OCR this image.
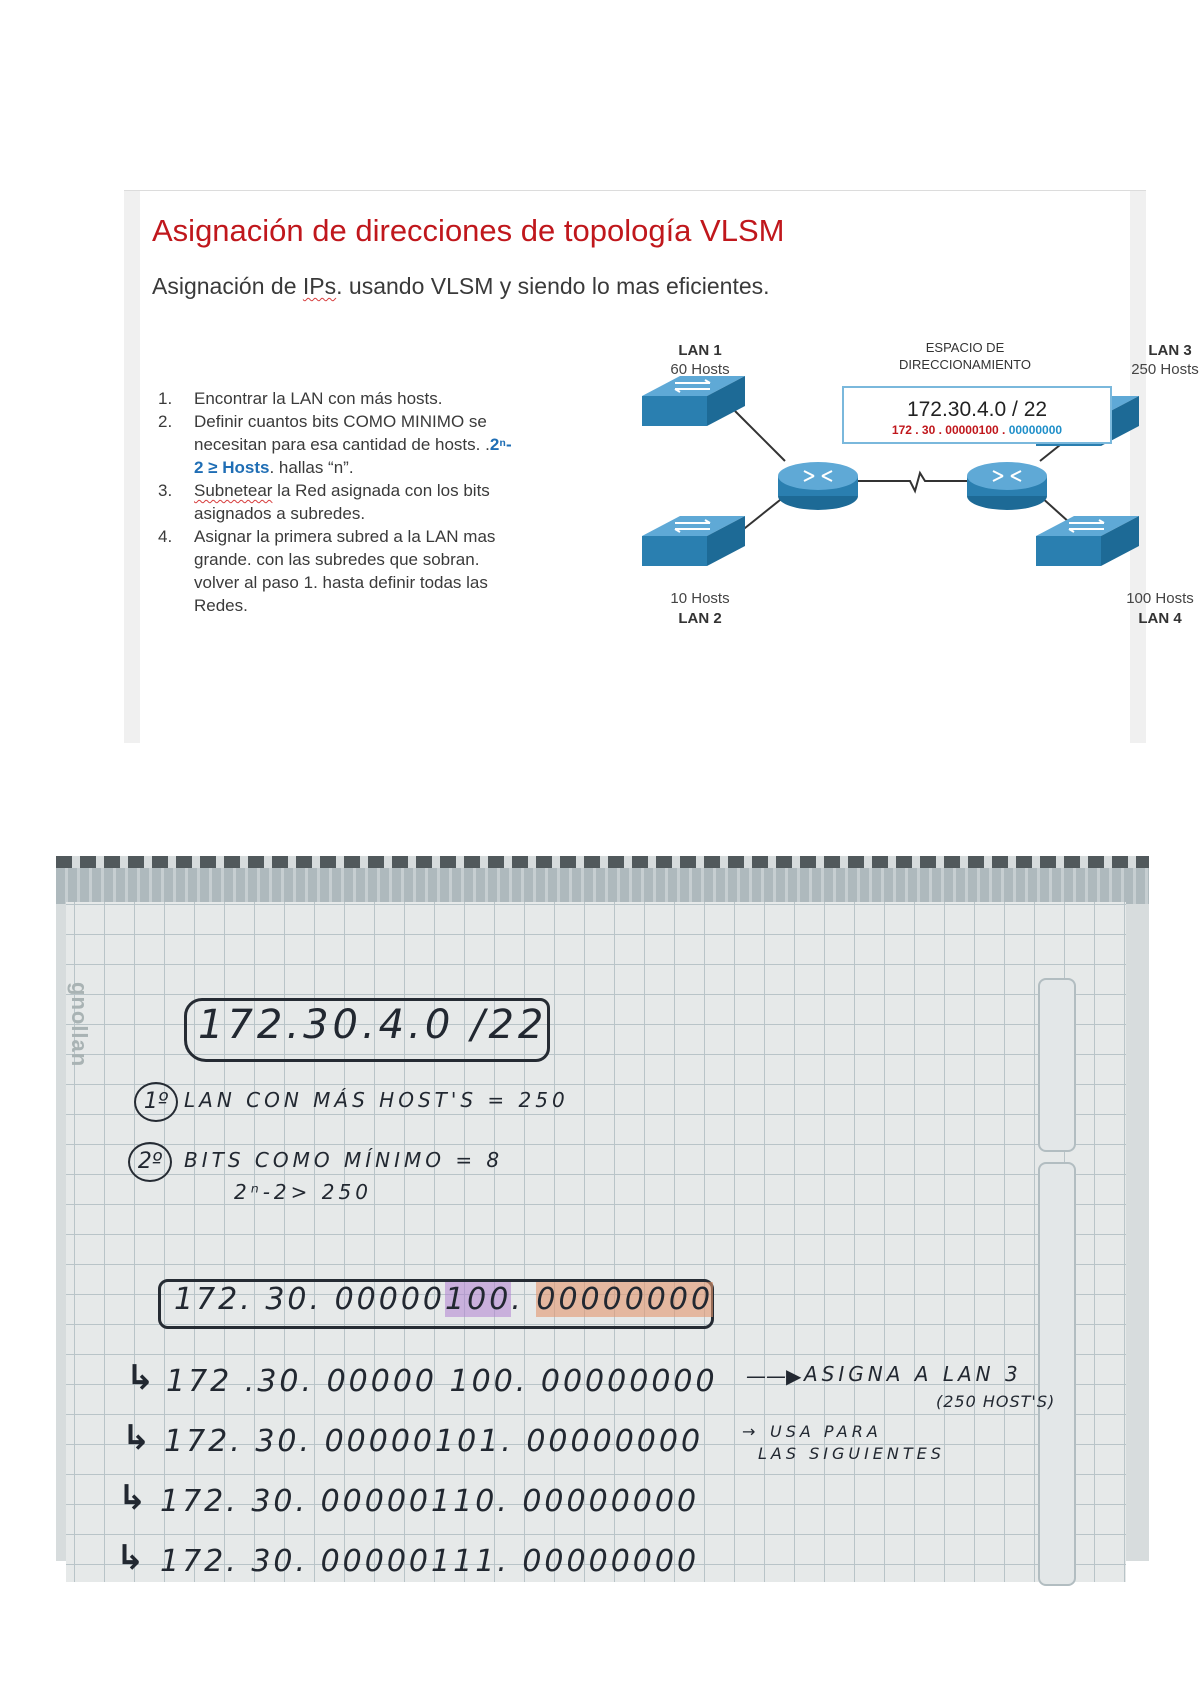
Asignación de direcciones de topología VLSM

Asignación de IPs. usando VLSM y siendo lo mas eficientes.

1. Encontrar la LAN con más hosts.
2. Definir cuantos bits COMO MINIMO se necesitan para esa cantidad de hosts. .2ⁿ- 2 ≥ Hosts. hallas “n”.
3. Subnetear la Red asignada con los bits asignados a subredes.
4. Asignar la primera subred a la LAN mas grande. con las subredes que sobran. volver al paso 1. hasta definir todas las Redes.
LAN 1
60 Hosts
LAN 3
250 Hosts
10 Hosts
LAN 2
100 Hosts
LAN 4
ESPACIO DE
DIRECCIONAMIENTO
172.30.4.0 / 22
172 . 30 . 00000100 . 00000000
gnollan	172.30.4.0 /22

1º LAN CON MÁS HOST'S = 250

2º	BITS COMO MÍNIMO = 8

2ⁿ-2> 250

172. 30. 00000100. 00000000

↳ 172 .30. 00000 100. 00000000

↳ 172. 30. 00000101. 00000000

↳ 172. 30. 00000110. 00000000

↳ 172. 30. 00000111. 00000000

——▶ ASIGNA A LAN 3

(250 HOST'S)

→ USA PARA

LAS SIGUIENTES
